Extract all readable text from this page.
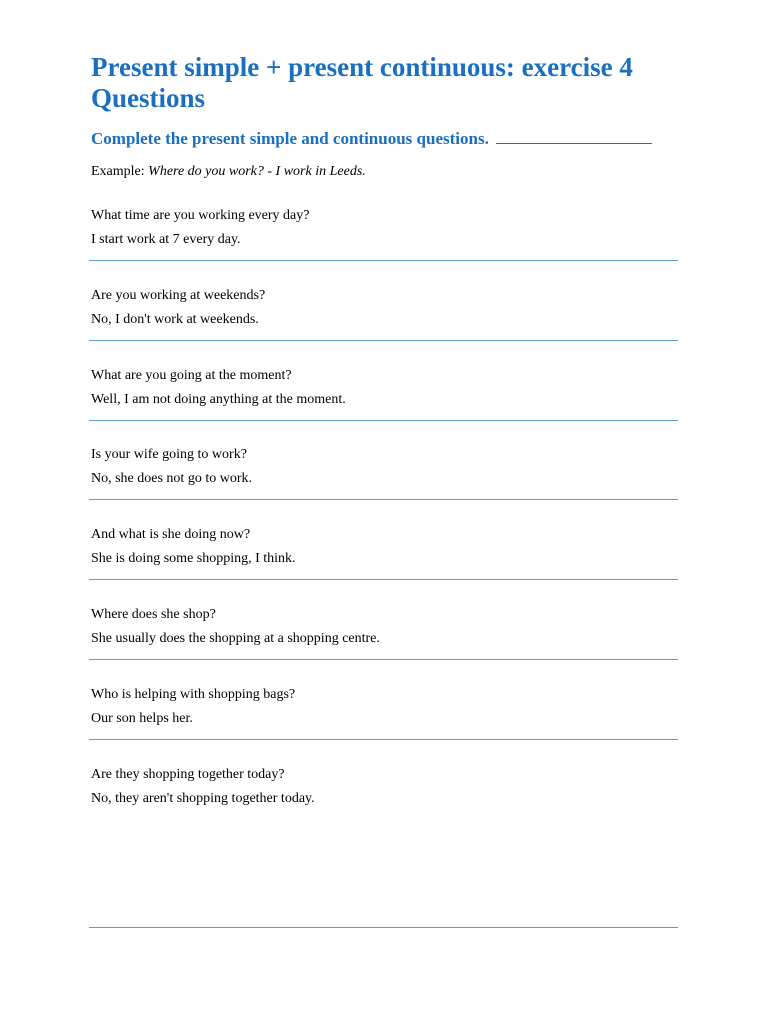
Present simple + present continuous: exercise 4
Questions

Complete the present simple and continuous questions.

Example: Where do you work? - I work in Leeds.
What time are you working every day?
I start work at 7 every day.
Are you working at weekends?
No, I don't work at weekends.
What are you going at the moment?
Well, I am not doing anything at the moment.
Is your wife going to work?
No, she does not go to work.
And what is she doing now?
She is doing some shopping, I think.
Where does she shop?
She usually does the shopping at a shopping centre.
Who is helping with shopping bags?
Our son helps her.
Are they shopping together today?
No, they aren't shopping together today.
